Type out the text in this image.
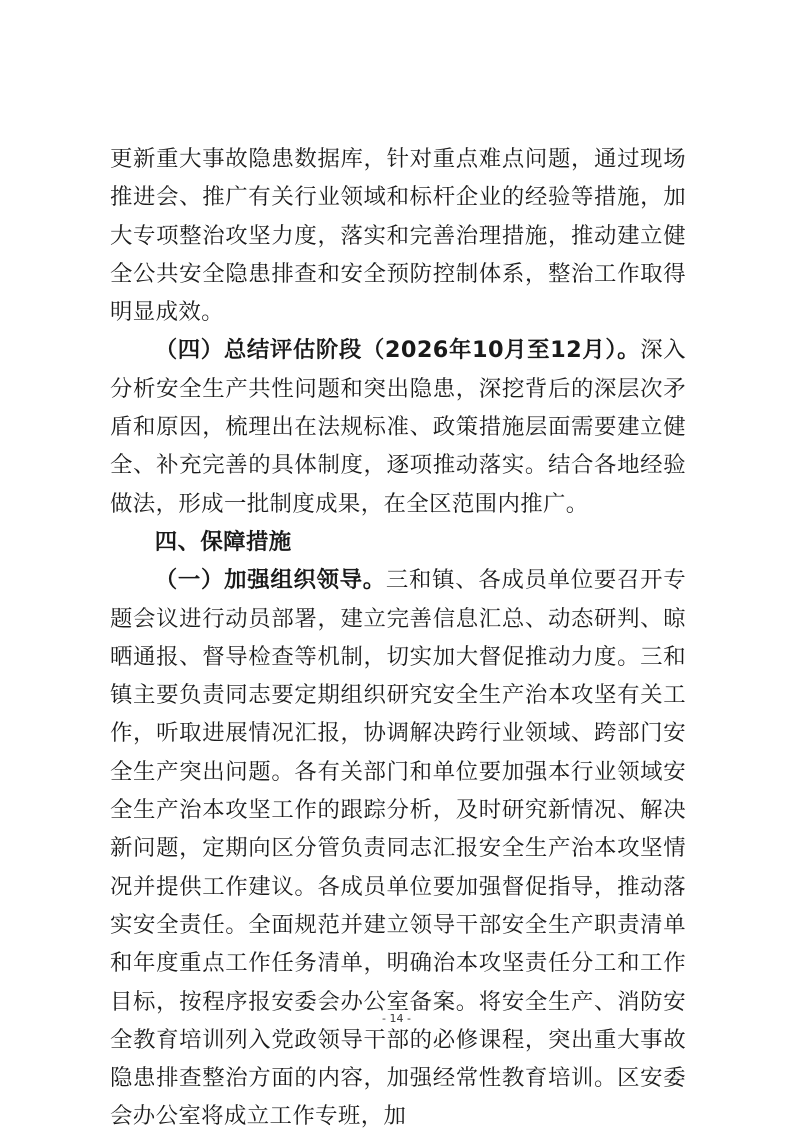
更新重大事故隐患数据库，针对重点难点问题，通过现场推进会、推广有关行业领域和标杆企业的经验等措施，加大专项整治攻坚力度，落实和完善治理措施，推动建立健全公共安全隐患排查和安全预防控制体系，整治工作取得明显成效。

（四）总结评估阶段（2026年10月至12月）。深入分析安全生产共性问题和突出隐患，深挖背后的深层次矛盾和原因，梳理出在法规标准、政策措施层面需要建立健全、补充完善的具体制度，逐项推动落实。结合各地经验做法，形成一批制度成果，在全区范围内推广。

四、保障措施

（一）加强组织领导。三和镇、各成员单位要召开专题会议进行动员部署，建立完善信息汇总、动态研判、晾晒通报、督导检查等机制，切实加大督促推动力度。三和镇主要负责同志要定期组织研究安全生产治本攻坚有关工作，听取进展情况汇报，协调解决跨行业领域、跨部门安全生产突出问题。各有关部门和单位要加强本行业领域安全生产治本攻坚工作的跟踪分析，及时研究新情况、解决新问题，定期向区分管负责同志汇报安全生产治本攻坚情况并提供工作建议。各成员单位要加强督促指导，推动落实安全责任。全面规范并建立领导干部安全生产职责清单和年度重点工作任务清单，明确治本攻坚责任分工和工作目标，按程序报安委会办公室备案。将安全生产、消防安全教育培训列入党政领导干部的必修课程，突出重大事故隐患排查整治方面的内容，加强经常性教育培训。区安委会办公室将成立工作专班，加

- 14 -
